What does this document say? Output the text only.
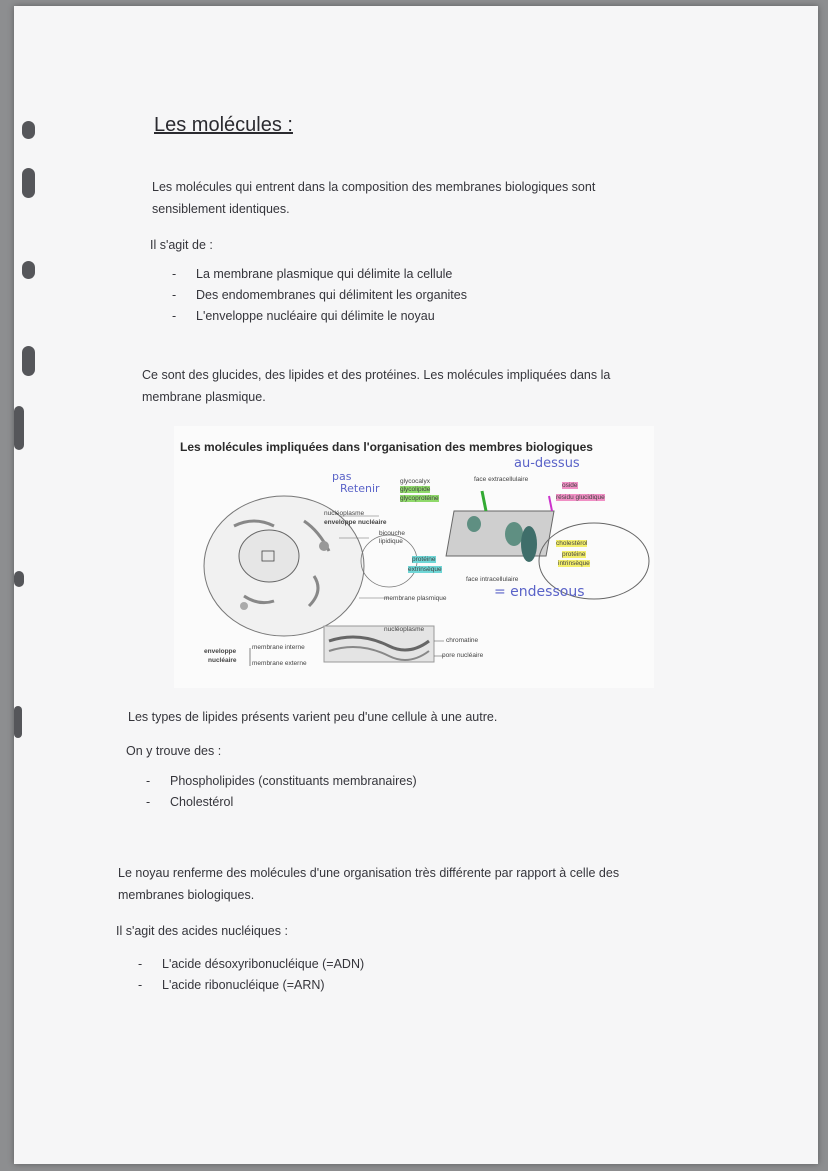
Les molécules :
Les molécules qui entrent dans la composition des membranes biologiques sont
sensiblement identiques.
Il s'agit de :
- La membrane plasmique qui délimite la cellule
- Des endomembranes qui délimitent les organites
- L'enveloppe nucléaire qui délimite le noyau
Ce sont des glucides, des lipides et des protéines. Les molécules impliquées dans la
membrane plasmique.
Les molécules impliquées dans l'organisation des membres biologiques
glycocalyx
glycolipide
glycoprotéine
face extracellulaire
oside
résidu glucidique
nucléoplasme
enveloppe nucléaire
bicouche
lipidique
protéine
extrinsèque
cholestérol
protéine
intrinsèque
face intracellulaire
membrane plasmique
nucléoplasme
chromatine
pore nucléaire
membrane interne
membrane externe
enveloppe
nucléaire
pas
Retenir
au-dessus
= endessous
Les types de lipides présents varient peu d'une cellule à une autre.
On y trouve des :
- Phospholipides (constituants membranaires)
- Cholestérol
Le noyau renferme des molécules d'une organisation très différente par rapport à celle des
membranes biologiques.
Il s'agit des acides nucléiques :
- L'acide désoxyribonucléique (=ADN)
- L'acide ribonucléique (=ARN)
